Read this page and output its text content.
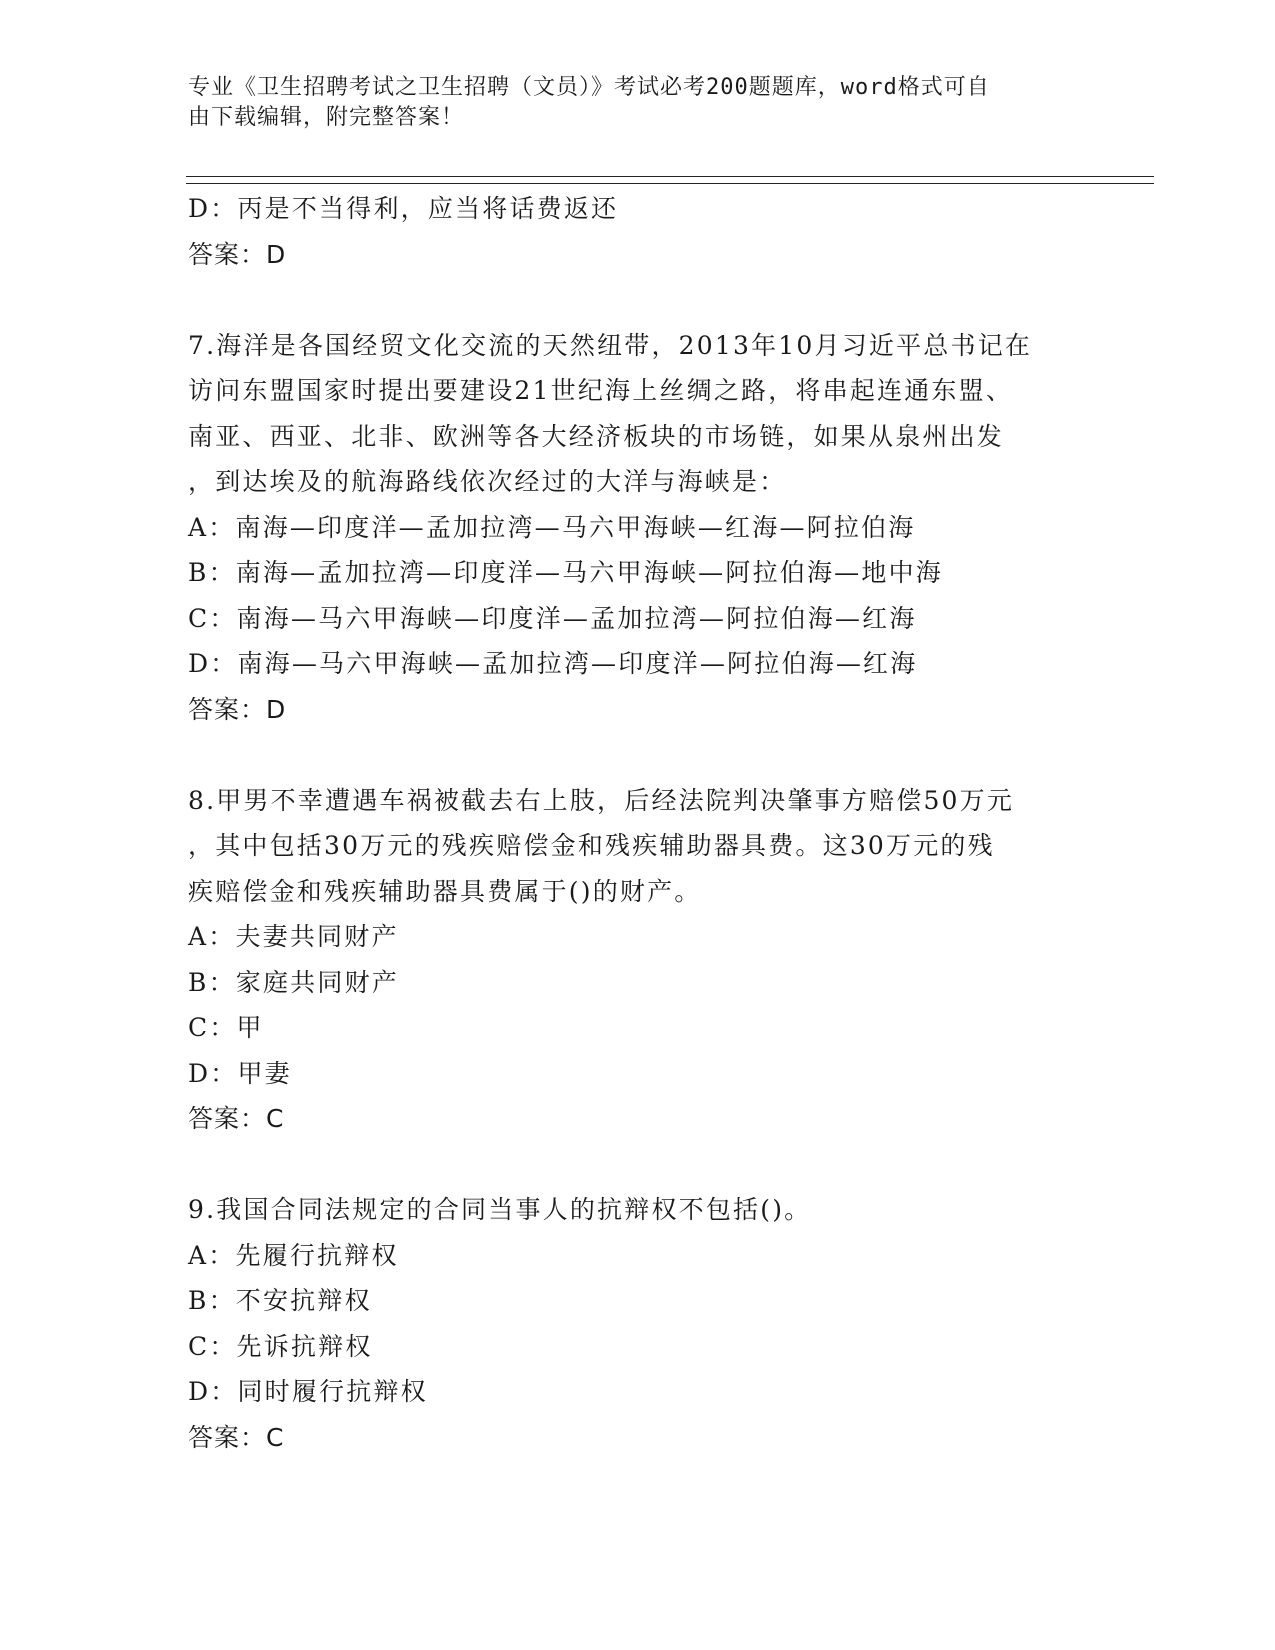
专业《卫生招聘考试之卫生招聘（文员）》考试必考200题题库，word格式可自
由下载编辑，附完整答案！
D：丙是不当得利，应当将话费返还
答案：D
7.海洋是各国经贸文化交流的天然纽带，2013年10月习近平总书记在
访问东盟国家时提出要建设21世纪海上丝绸之路，将串起连通东盟、
南亚、西亚、北非、欧洲等各大经济板块的市场链，如果从泉州出发
，到达埃及的航海路线依次经过的大洋与海峡是：
A：南海—印度洋—孟加拉湾—马六甲海峡—红海—阿拉伯海
B：南海—孟加拉湾—印度洋—马六甲海峡—阿拉伯海—地中海
C：南海—马六甲海峡—印度洋—孟加拉湾—阿拉伯海—红海
D：南海—马六甲海峡—孟加拉湾—印度洋—阿拉伯海—红海
答案：D
8.甲男不幸遭遇车祸被截去右上肢，后经法院判决肇事方赔偿50万元
，其中包括30万元的残疾赔偿金和残疾辅助器具费。这30万元的残
疾赔偿金和残疾辅助器具费属于()的财产。
A：夫妻共同财产
B：家庭共同财产
C：甲
D：甲妻
答案：C
9.我国合同法规定的合同当事人的抗辩权不包括()。
A：先履行抗辩权
B：不安抗辩权
C：先诉抗辩权
D：同时履行抗辩权
答案：C
